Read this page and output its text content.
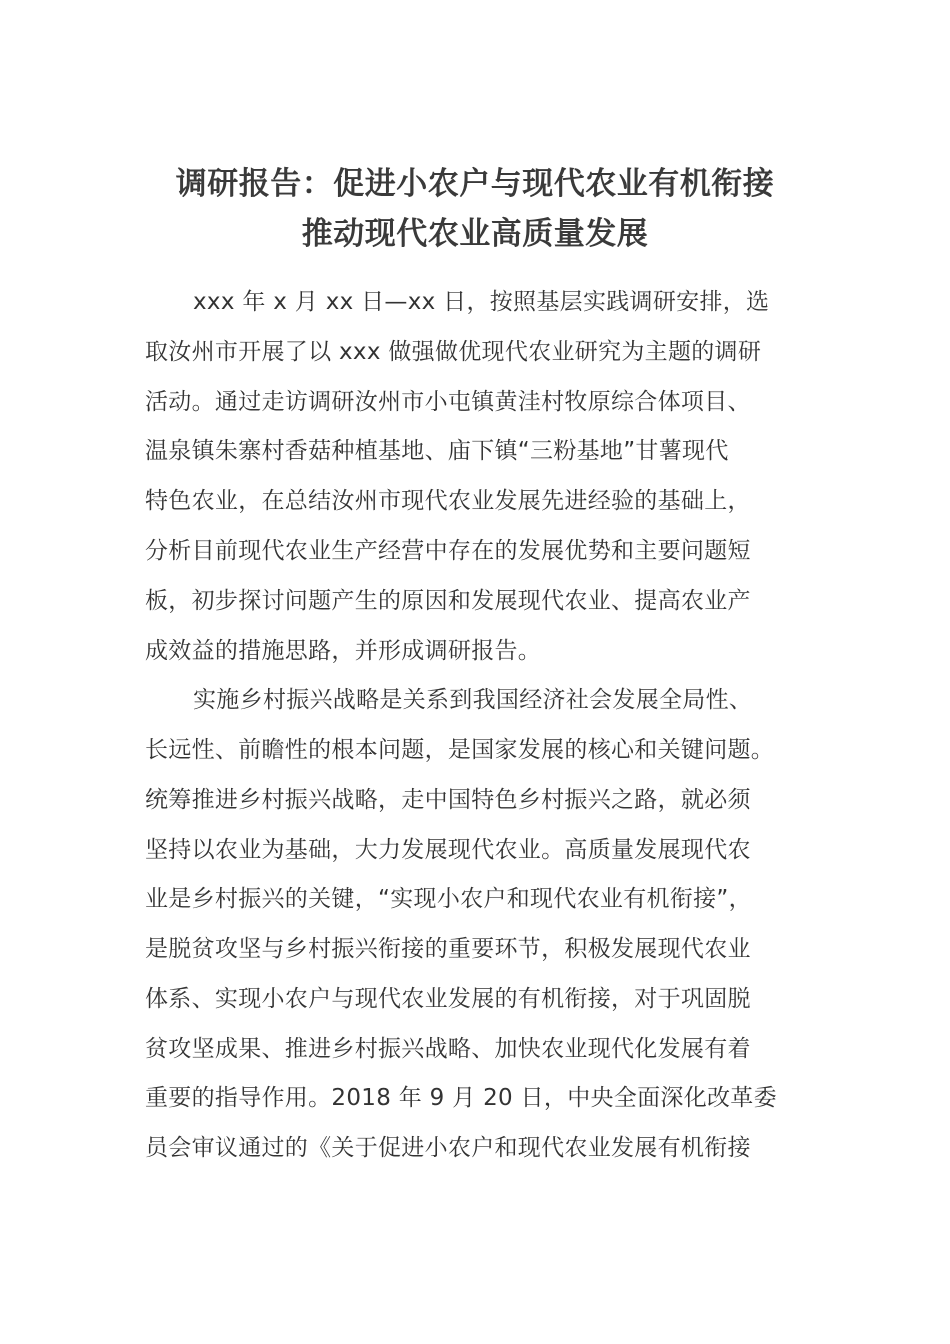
调研报告：促进小农户与现代农业有机衔接
推动现代农业高质量发展
xxx 年 x 月 xx 日—xx 日，按照基层实践调研安排，选
取汝州市开展了以 xxx 做强做优现代农业研究为主题的调研
活动。通过走访调研汝州市小屯镇黄洼村牧原综合体项目、
温泉镇朱寨村香菇种植基地、庙下镇“三粉基地”甘薯现代
特色农业，在总结汝州市现代农业发展先进经验的基础上，
分析目前现代农业生产经营中存在的发展优势和主要问题短
板，初步探讨问题产生的原因和发展现代农业、提高农业产
成效益的措施思路，并形成调研报告。
实施乡村振兴战略是关系到我国经济社会发展全局性、
长远性、前瞻性的根本问题，是国家发展的核心和关键问题。
统筹推进乡村振兴战略，走中国特色乡村振兴之路，就必须
坚持以农业为基础，大力发展现代农业。高质量发展现代农
业是乡村振兴的关键，“实现小农户和现代农业有机衔接”，
是脱贫攻坚与乡村振兴衔接的重要环节，积极发展现代农业
体系、实现小农户与现代农业发展的有机衔接，对于巩固脱
贫攻坚成果、推进乡村振兴战略、加快农业现代化发展有着
重要的指导作用。2018 年 9 月 20 日，中央全面深化改革委
员会审议通过的《关于促进小农户和现代农业发展有机衔接
